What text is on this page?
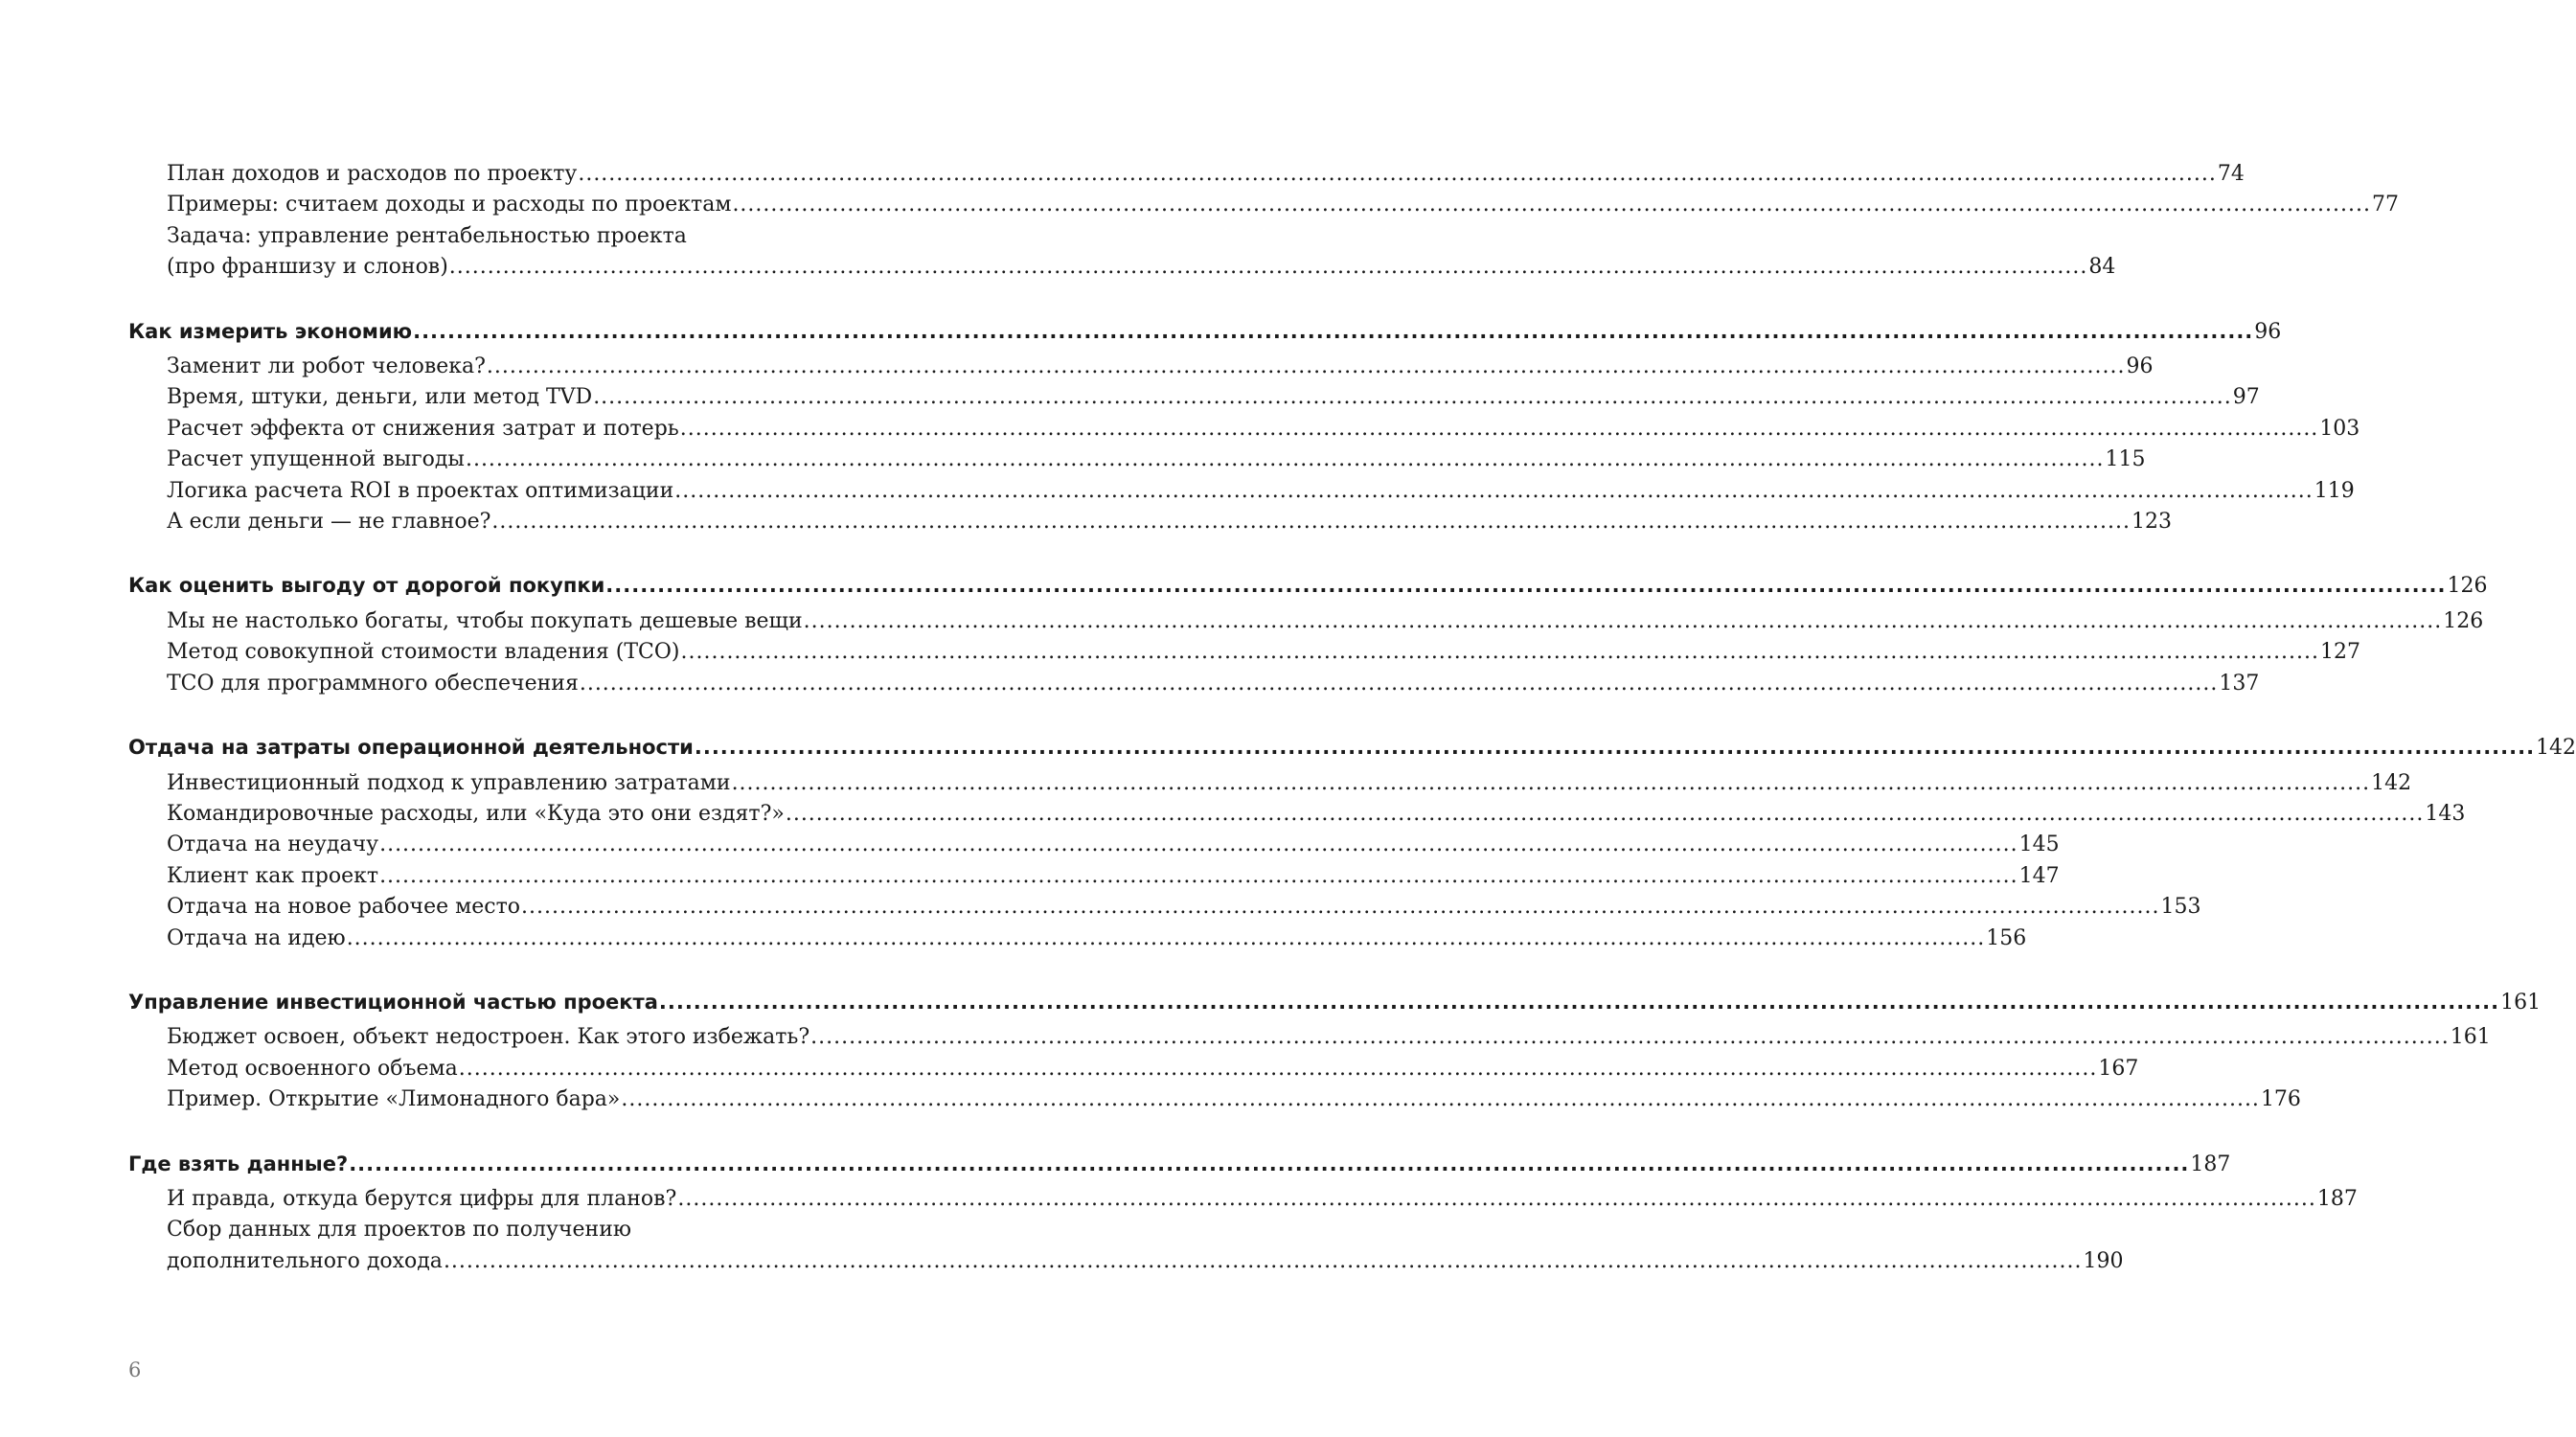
План доходов и расходов по проекту .....	74
Примеры: считаем доходы и расходы по проектам .....	77
Задача: управление рентабельностью проекта
(про франшизу и слонов) .....	84
Как измерить экономию .....	96
Заменит ли робот человека? .....	96
Время, штуки, деньги, или метод TVD .....	97
Расчет эффекта от снижения затрат и потерь .....	103
Расчет упущенной выгоды .....	115
Логика расчета ROI в проектах оптимизации .....	119
А если деньги — не главное? .....	123
Как оценить выгоду от дорогой покупки .....	126
Мы не настолько богаты, чтобы покупать дешевые вещи .....	126
Метод совокупной стоимости владения (ТСО) .....	127
ТСО для программного обеспечения .....	137
Отдача на затраты операционной деятельности .....	142
Инвестиционный подход к управлению затратами .....	142
Командировочные расходы, или «Куда это они ездят?» .....	143
Отдача на неудачу .....	145
Клиент как проект .....	147
Отдача на новое рабочее место .....	153
Отдача на идею .....	156
Управление инвестиционной частью проекта .....	161
Бюджет освоен, объект недостроен. Как этого избежать? .....	161
Метод освоенного объема .....	167
Пример. Открытие «Лимонадного бара» .....	176
Где взять данные? .....	187
И правда, откуда берутся цифры для планов? .....	187
Сбор данных для проектов по получению
дополнительного дохода .....	190
6
